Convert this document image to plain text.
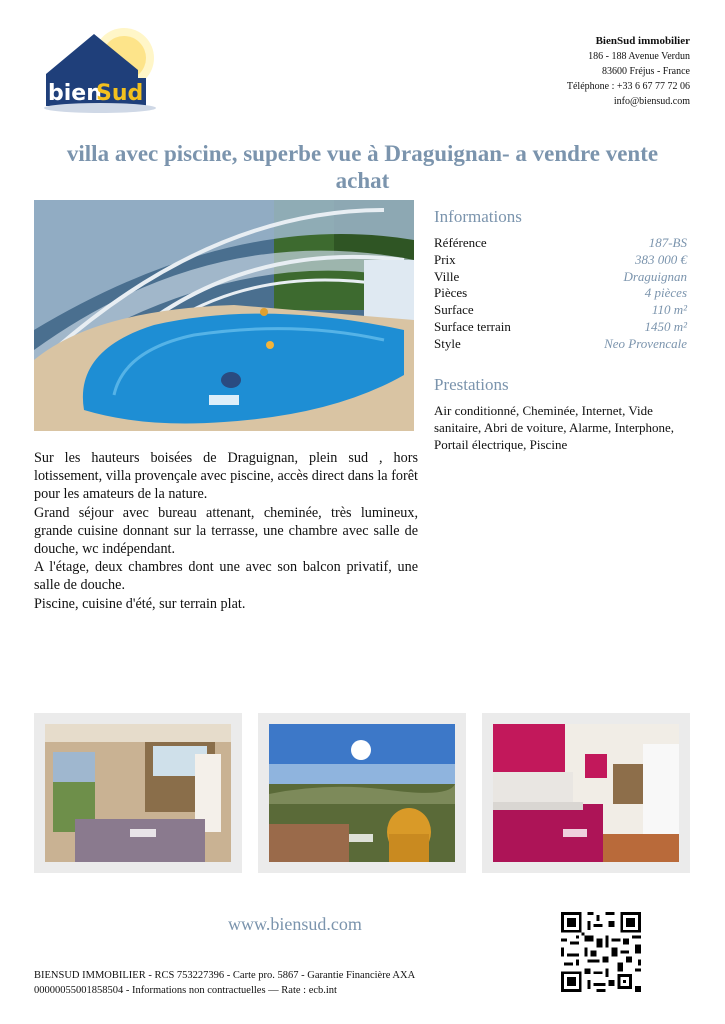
bien
Sud
BienSud immobilier
186 - 188 Avenue Verdun
83600 Fréjus - France
Téléphone : +33 6 67 77 72 06
info@biensud.com
villa avec piscine, superbe vue à Draguignan- a vendre vente achat
Informations
Référence	187-BS
Prix	383 000 €
Ville	Draguignan
Pièces	4 pièces
Surface	110 m²
Surface terrain	1450 m²
Style	Neo Provencale
Prestations
Air conditionné, Cheminée, Internet, Vide sanitaire, Abri de voiture, Alarme, Interphone, Portail électrique, Piscine

Sur les hauteurs boisées de Draguignan, plein sud , hors lotissement, villa provençale avec piscine, accès direct dans la forêt pour les amateurs de la nature.

Grand séjour avec bureau attenant, cheminée, très lumineux, grande cuisine donnant sur la terrasse, une chambre avec salle de douche, wc indépendant.

A l'étage, deux chambres dont une avec son balcon privatif, une salle de douche.

Piscine, cuisine d'été, sur terrain plat.

www.biensud.com
BIENSUD IMMOBILIER - RCS 753227396 - Carte pro. 5867 - Garantie Financière AXA
00000055001858504 - Informations non contractuelles — Rate : ecb.int
